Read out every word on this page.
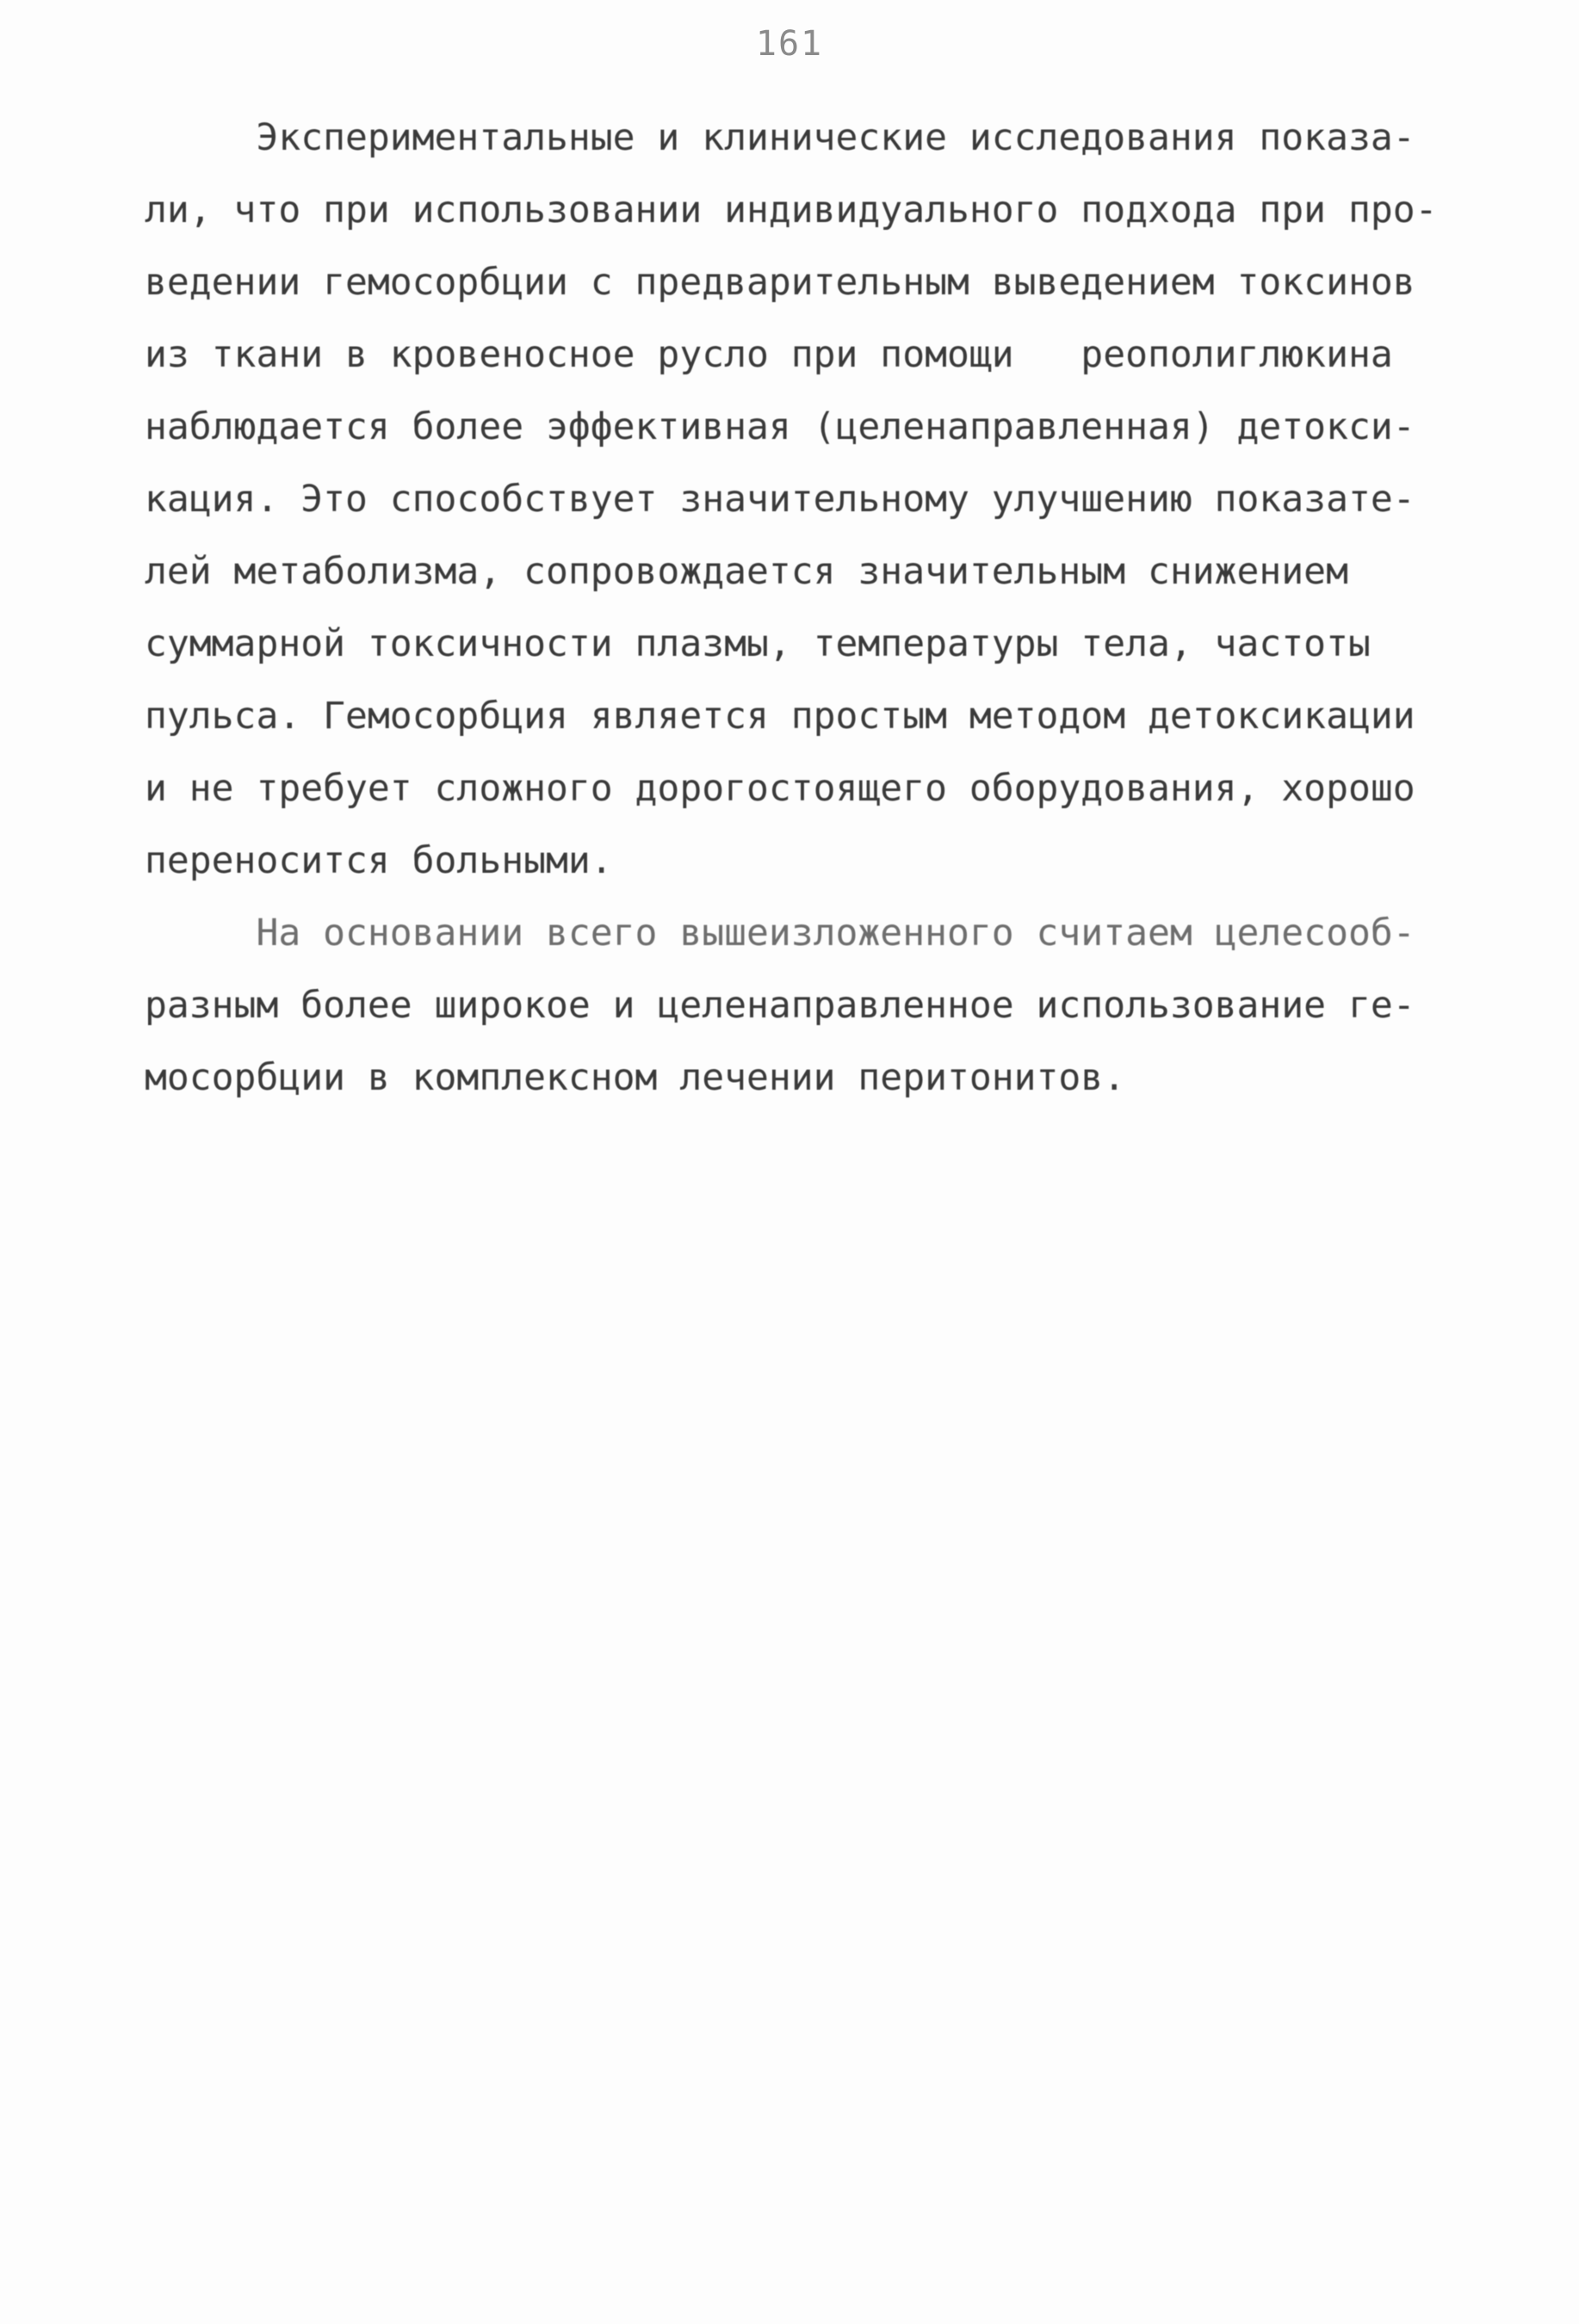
161
Экспериментальные и клинические исследования показа-
ли, что при использовании индивидуального подхода при про-
ведении гемосорбции с предварительным выведением токсинов
из ткани в кровеносное русло при помощи   реополиглюкина
наблюдается более эффективная (целенаправленная) детокси-
кация. Это способствует значительному улучшению показате-
лей метаболизма, сопровождается значительным снижением
суммарной токсичности плазмы, температуры тела, частоты
пульса. Гемосорбция является простым методом детоксикации
и не требует сложного дорогостоящего оборудования, хорошо
переносится больными.
На основании всего вышеизложенного считаем целесооб-
разным более широкое и целенаправленное использование ге-
мосорбции в комплексном лечении перитонитов.
